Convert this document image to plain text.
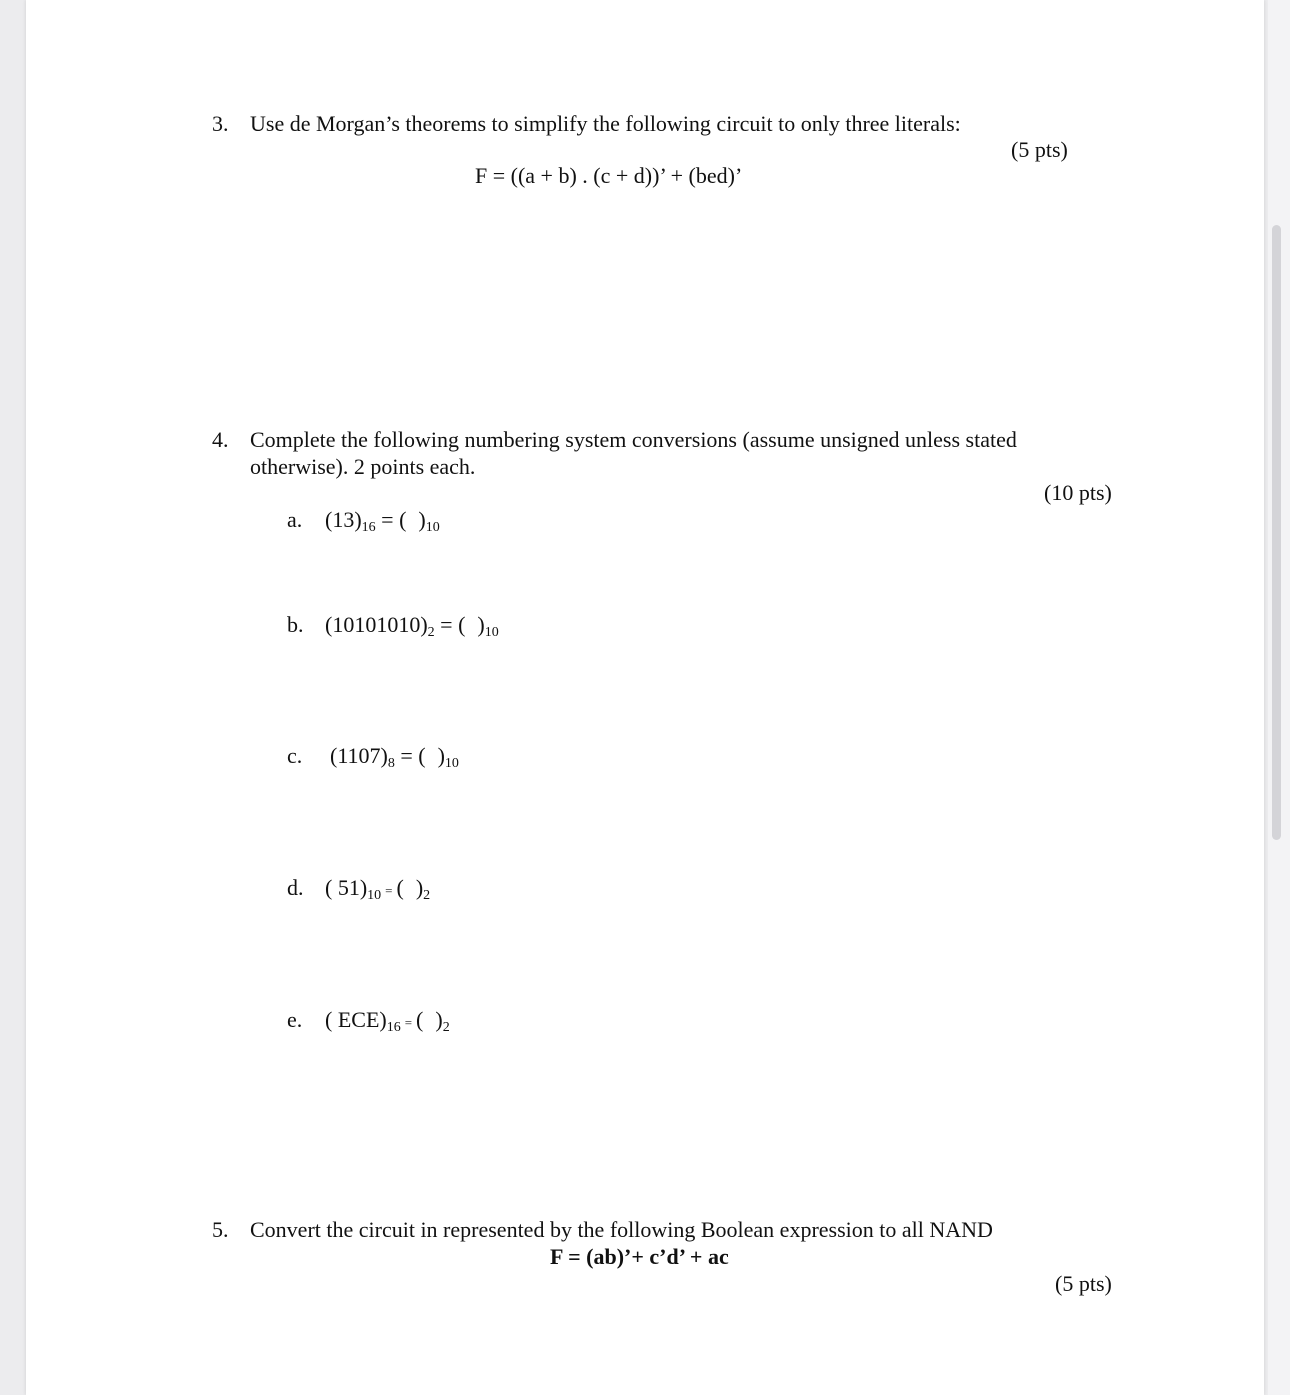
3. Use de Morgan’s theorems to simplify the following circuit to only three literals:
(5 pts)
F = ((a + b) . (c + d))’ + (bed)’
4. Complete the following numbering system conversions (assume unsigned unless stated
otherwise). 2 points each.
(10 pts)
a. $(13)_{16}$ = ( )$_{10}$
b. $(10101010)_2$ = ( )$_{10}$
c. $(1107)_8$ = ( )$_{10}$
d. ( $51)_{10}$ = ( )$_2$
e. ( $ECE)_{16}$ = ( )$_2$
5. Convert the circuit in represented by the following Boolean expression to all NAND
F = (ab)’+ c’d’ + ac
(5 pts)
